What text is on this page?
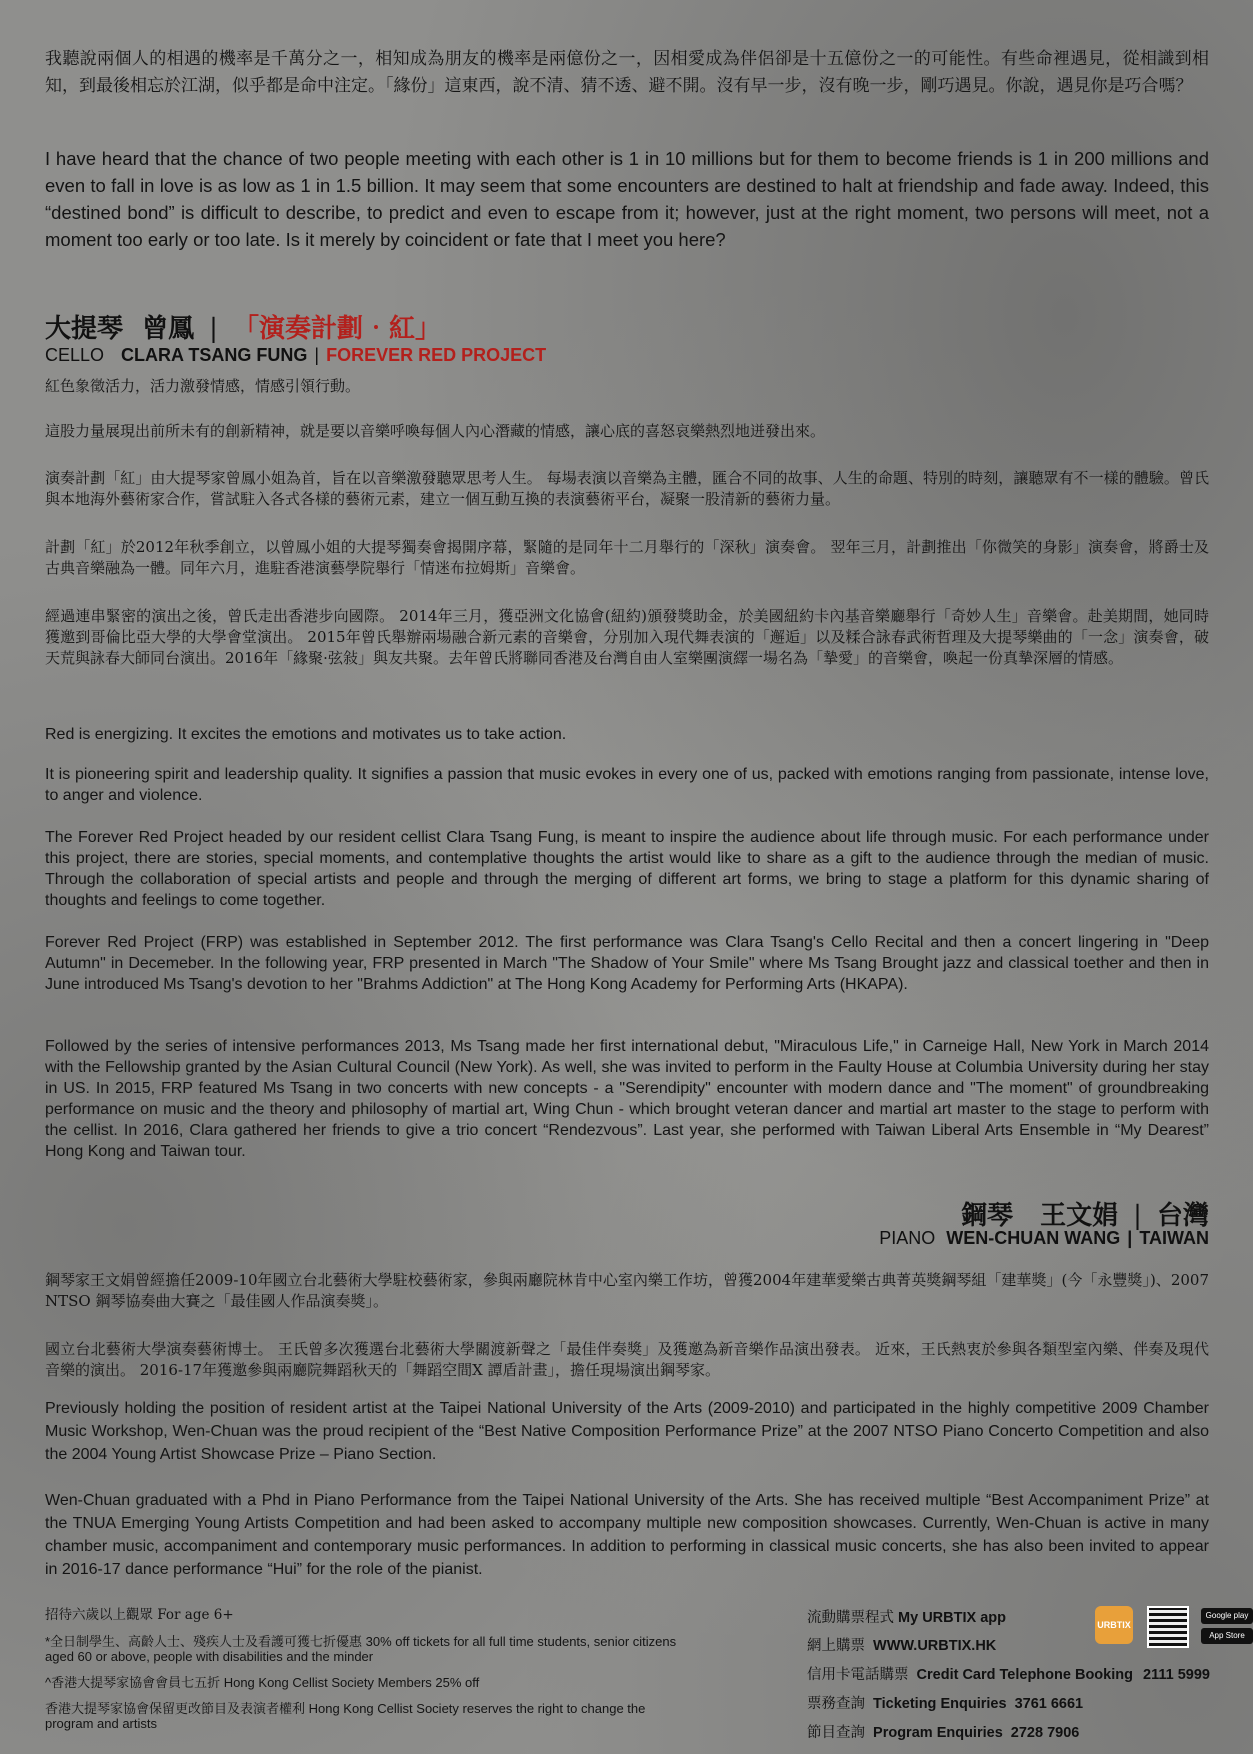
我聽說兩個人的相遇的機率是千萬分之一，相知成為朋友的機率是兩億份之一，因相愛成為伴侶卻是十五億份之一的可能性。有些命裡遇見，從相識到相知，到最後相忘於江湖，似乎都是命中注定。「緣份」這東西，說不清、猜不透、避不開。沒有早一步，沒有晚一步，剛巧遇見。你說，遇見你是巧合嗎？

I have heard that the chance of two people meeting with each other is 1 in 10 millions but for them to become friends is 1 in 200 millions and even to fall in love is as low as 1 in 1.5 billion. It may seem that some encounters are destined to halt at friendship and fade away. Indeed, this “destined bond” is difficult to describe, to predict and even to escape from it; however, just at the right moment, two persons will meet, not a moment too early or too late. Is it merely by coincident or fate that I meet you here?

大提琴 曾鳳 | 「演奏計劃‧紅」
CELLO CLARA TSANG FUNG | FOREVER RED PROJECT

紅色象徵活力，活力激發情感，情感引領行動。

這股力量展現出前所未有的創新精神，就是要以音樂呼喚每個人內心潛藏的情感，讓心底的喜怒哀樂熱烈地迸發出來。

演奏計劃「紅」由大提琴家曾鳳小姐為首，旨在以音樂激發聽眾思考人生。 每場表演以音樂為主體，匯合不同的故事、人生的命題、特別的時刻，讓聽眾有不一樣的體驗。曾氏與本地海外藝術家合作，嘗試駐入各式各樣的藝術元素，建立一個互動互換的表演藝術平台，凝聚一股清新的藝術力量。

計劃「紅」於2012年秋季創立，以曾鳳小姐的大提琴獨奏會揭開序幕，緊隨的是同年十二月舉行的「深秋」演奏會。 翌年三月，計劃推出「你微笑的身影」演奏會，將爵士及古典音樂融為一體。同年六月，進駐香港演藝學院舉行「情迷布拉姆斯」音樂會。

經過連串緊密的演出之後，曾氏走出香港步向國際。 2014年三月，獲亞洲文化協會(紐約)頒發獎助金，於美國紐約卡內基音樂廳舉行「奇妙人生」音樂會。赴美期間，她同時獲邀到哥倫比亞大學的大學會堂演出。 2015年曾氏舉辦兩場融合新元素的音樂會，分別加入現代舞表演的「邂逅」以及糅合詠春武術哲理及大提琴樂曲的「一念」演奏會，破天荒與詠春大師同台演出。2016年「緣聚·弦敍」與友共聚。去年曾氏將聯同香港及台灣自由人室樂團演繹一場名為「摯愛」的音樂會，喚起一份真摯深層的情感。

Red is energizing. It excites the emotions and motivates us to take action.

It is pioneering spirit and leadership quality. It signifies a passion that music evokes in every one of us, packed with emotions ranging from passionate, intense love, to anger and violence.

The Forever Red Project headed by our resident cellist Clara Tsang Fung, is meant to inspire the audience about life through music. For each performance under this project, there are stories, special moments, and contemplative thoughts the artist would like to share as a gift to the audience through the median of music. Through the collaboration of special artists and people and through the merging of different art forms, we bring to stage a platform for this dynamic sharing of thoughts and feelings to come together.

Forever Red Project (FRP) was established in September 2012. The first performance was Clara Tsang's Cello Recital and then a concert lingering in "Deep Autumn" in Decemeber. In the following year, FRP presented in March "The Shadow of Your Smile" where Ms Tsang Brought jazz and classical toether and then in June introduced Ms Tsang's devotion to her "Brahms Addiction" at The Hong Kong Academy for Performing Arts (HKAPA).

Followed by the series of intensive performances 2013, Ms Tsang made her first international debut, "Miraculous Life," in Carneige Hall, New York in March 2014 with the Fellowship granted by the Asian Cultural Council (New York). As well, she was invited to perform in the Faulty House at Columbia University during her stay in US. In 2015, FRP featured Ms Tsang in two concerts with new concepts - a "Serendipity" encounter with modern dance and "The moment" of groundbreaking performance on music and the theory and philosophy of martial art, Wing Chun - which brought veteran dancer and martial art master to the stage to perform with the cellist. In 2016, Clara gathered her friends to give a trio concert “Rendezvous”. Last year, she performed with Taiwan Liberal Arts Ensemble in “My Dearest” Hong Kong and Taiwan tour.

鋼琴 王文娟 | 台灣
PIANO WEN-CHUAN WANG | TAIWAN

鋼琴家王文娟曾經擔任2009-10年國立台北藝術大學駐校藝術家，參與兩廳院林肯中心室內樂工作坊，曾獲2004年建華愛樂古典菁英獎鋼琴組「建華獎」(今「永豐獎」)、2007 NTSO 鋼琴協奏曲大賽之「最佳國人作品演奏獎」。

國立台北藝術大學演奏藝術博士。 王氏曾多次獲選台北藝術大學關渡新聲之「最佳伴奏獎」及獲邀為新音樂作品演出發表。 近來，王氏熱衷於參與各類型室內樂、伴奏及現代音樂的演出。 2016-17年獲邀參與兩廳院舞蹈秋天的「舞蹈空間X 譚盾計畫」，擔任現場演出鋼琴家。

Previously holding the position of resident artist at the Taipei National University of the Arts (2009-2010) and participated in the highly competitive 2009 Chamber Music Workshop, Wen-Chuan was the proud recipient of the “Best Native Composition Performance Prize” at the 2007 NTSO Piano Concerto Competition and also the 2004 Young Artist Showcase Prize – Piano Section.

Wen-Chuan graduated with a Phd in Piano Performance from the Taipei National University of the Arts. She has received multiple “Best Accompaniment Prize” at the TNUA Emerging Young Artists Competition and had been asked to accompany multiple new composition showcases. Currently, Wen-Chuan is active in many chamber music, accompaniment and contemporary music performances. In addition to performing in classical music concerts, she has also been invited to appear in 2016-17 dance performance “Hui” for the role of the pianist.

招待六歲以上觀眾 For age 6+

*全日制學生、高齡人士、殘疾人士及看護可獲七折優惠 30% off tickets for all full time students, senior citizens aged 60 or above, people with disabilities and the minder

^香港大提琴家協會會員七五折 Hong Kong Cellist Society Members 25% off

香港大提琴家協會保留更改節目及表演者權利 Hong Kong Cellist Society reserves the right to change the program and artists

流動購票程式 My URBTIX app
網上購票 WWW.URBTIX.HK
信用卡電話購票 Credit Card Telephone Booking 2111 5999
票務查詢 Ticketing Enquiries 3761 6661
節目查詢 Program Enquiries 2728 7906
URBTIX
Google play
App Store
